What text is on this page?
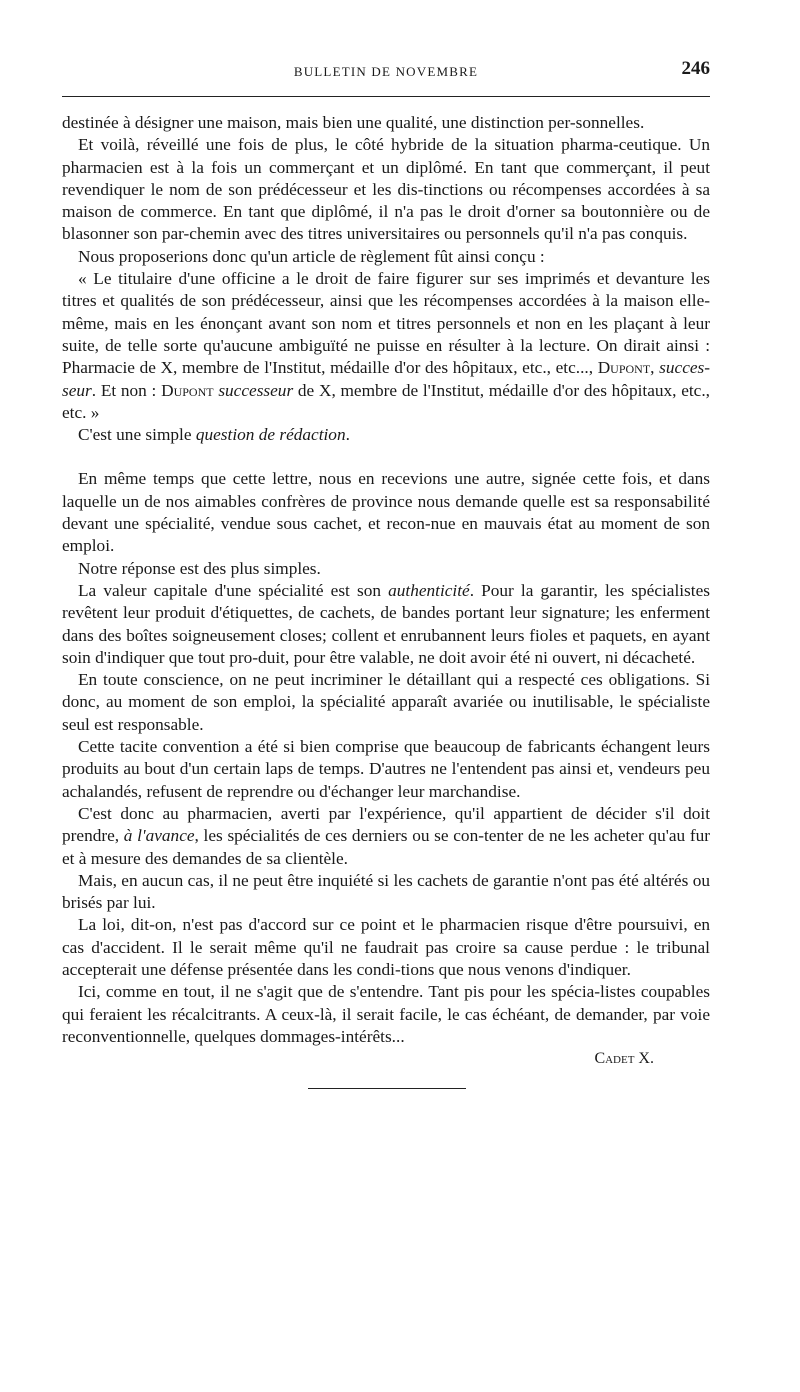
BULLETIN DE NOVEMBRE	246

destinée à désigner une maison, mais bien une qualité, une distinction per-sonnelles.

Et voilà, réveillé une fois de plus, le côté hybride de la situation pharma-ceutique. Un pharmacien est à la fois un commerçant et un diplômé. En tant que commerçant, il peut revendiquer le nom de son prédécesseur et les dis-tinctions ou récompenses accordées à sa maison de commerce. En tant que diplômé, il n'a pas le droit d'orner sa boutonnière ou de blasonner son par-chemin avec des titres universitaires ou personnels qu'il n'a pas conquis.

Nous proposerions donc qu'un article de règlement fût ainsi conçu :

« Le titulaire d'une officine a le droit de faire figurer sur ses imprimés et devanture les titres et qualités de son prédécesseur, ainsi que les récompenses accordées à la maison elle-même, mais en les énonçant avant son nom et titres personnels et non en les plaçant à leur suite, de telle sorte qu'aucune ambiguïté ne puisse en résulter à la lecture. On dirait ainsi : Pharmacie de X, membre de l'Institut, médaille d'or des hôpitaux, etc., etc..., Dupont, succes-seur. Et non : Dupont successeur de X, membre de l'Institut, médaille d'or des hôpitaux, etc., etc. »

C'est une simple question de rédaction.

En même temps que cette lettre, nous en recevions une autre, signée cette fois, et dans laquelle un de nos aimables confrères de province nous demande quelle est sa responsabilité devant une spécialité, vendue sous cachet, et recon-nue en mauvais état au moment de son emploi.

Notre réponse est des plus simples.

La valeur capitale d'une spécialité est son authenticité. Pour la garantir, les spécialistes revêtent leur produit d'étiquettes, de cachets, de bandes portant leur signature; les enferment dans des boîtes soigneusement closes; collent et enrubannent leurs fioles et paquets, en ayant soin d'indiquer que tout pro-duit, pour être valable, ne doit avoir été ni ouvert, ni décacheté.

En toute conscience, on ne peut incriminer le détaillant qui a respecté ces obligations. Si donc, au moment de son emploi, la spécialité apparaît avariée ou inutilisable, le spécialiste seul est responsable.

Cette tacite convention a été si bien comprise que beaucoup de fabricants échangent leurs produits au bout d'un certain laps de temps. D'autres ne l'entendent pas ainsi et, vendeurs peu achalandés, refusent de reprendre ou d'échanger leur marchandise.

C'est donc au pharmacien, averti par l'expérience, qu'il appartient de décider s'il doit prendre, à l'avance, les spécialités de ces derniers ou se con-tenter de ne les acheter qu'au fur et à mesure des demandes de sa clientèle.

Mais, en aucun cas, il ne peut être inquiété si les cachets de garantie n'ont pas été altérés ou brisés par lui.

La loi, dit-on, n'est pas d'accord sur ce point et le pharmacien risque d'être poursuivi, en cas d'accident. Il le serait même qu'il ne faudrait pas croire sa cause perdue : le tribunal accepterait une défense présentée dans les condi-tions que nous venons d'indiquer.

Ici, comme en tout, il ne s'agit que de s'entendre. Tant pis pour les spécia-listes coupables qui feraient les récalcitrants. A ceux-là, il serait facile, le cas échéant, de demander, par voie reconventionnelle, quelques dommages-intérêts...

Cadet X.
